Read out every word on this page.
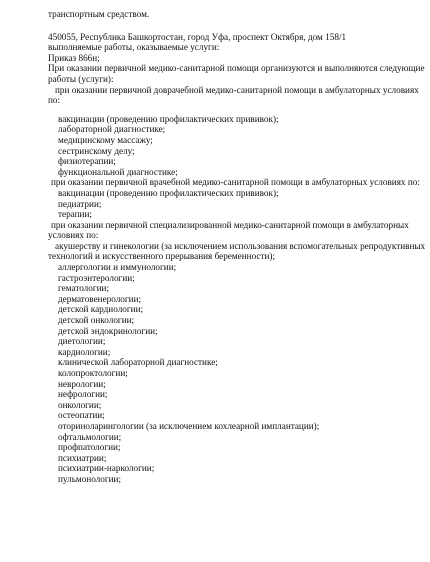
транспортным средством.
450055, Республика Башкортостан, город Уфа, проспект Октября, дом 158/1
выполняемые работы, оказываемые услуги:
Приказ 866н;
При оказании первичной медико-санитарной помощи организуются и выполняются следующие
работы (услуги):
при оказании первичной доврачебной медико-санитарной помощи в амбулаторных условиях
по:
вакцинации (проведению профилактических прививок);
лабораторной диагностике;
медицинскому массажу;
сестринскому делу;
физиотерапии;
функциональной диагностике;
при оказании первичной врачебной медико-санитарной помощи в амбулаторных условиях по:
вакцинации (проведению профилактических прививок);
педиатрии;
терапии;
при оказании первичной специализированной медико-санитарной помощи в амбулаторных
условиях по:
акушерству и гинекологии (за исключением использования вспомогательных репродуктивных
технологий и искусственного прерывания беременности);
аллергологии и иммунологии;
гастроэнтерологии;
гематологии;
дерматовенерологии;
детской кардиологии;
детской онкологии;
детской эндокринологии;
диетологии;
кардиологии;
клинической лабораторной диагностике;
колопроктологии;
неврологии;
нефрологии;
онкологии;
остеопатии;
оториноларингологии (за исключением кохлеарной имплантации);
офтальмологии;
профпатологии;
психиатрии;
психиатрии-наркологии;
пульмонологии;
